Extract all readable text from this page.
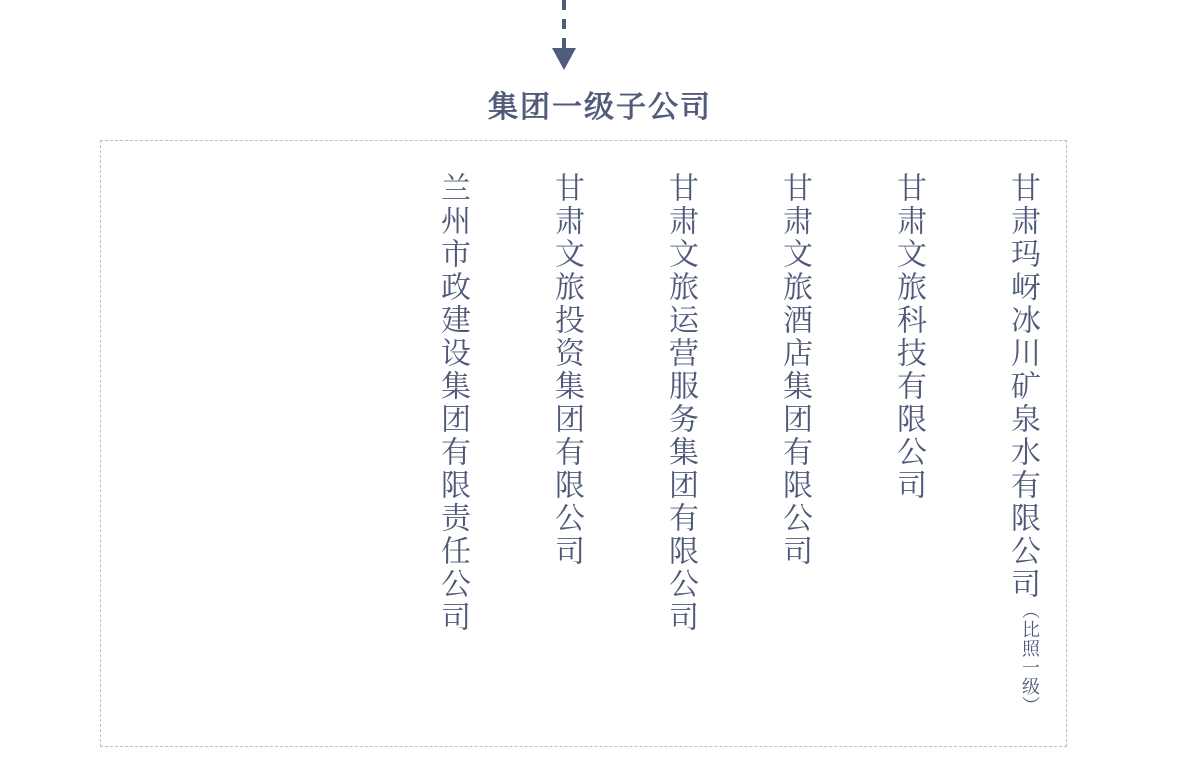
集团一级子公司
甘肃玛岈冰川矿泉水有限公司
（比照一级）
甘肃文旅科技有限公司
甘肃文旅酒店集团有限公司
甘肃文旅运营服务集团有限公司
甘肃文旅投资集团有限公司
兰州市政建设集团有限责任公司
